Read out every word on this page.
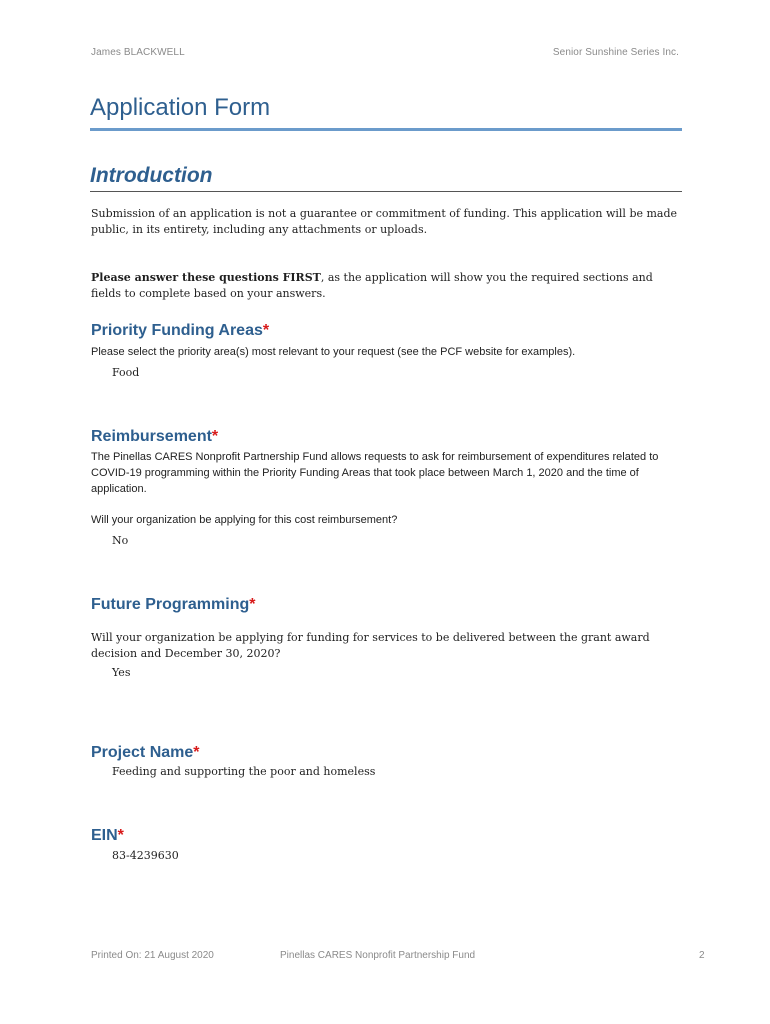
James BLACKWELL	Senior Sunshine Series Inc.
Application Form
Introduction
Submission of an application is not a guarantee or commitment of funding. This application will be made public, in its entirety, including any attachments or uploads.
Please answer these questions FIRST, as the application will show you the required sections and fields to complete based on your answers.
Priority Funding Areas*
Please select the priority area(s) most relevant to your request (see the PCF website for examples).
Food
Reimbursement*
The Pinellas CARES Nonprofit Partnership Fund allows requests to ask for reimbursement of expenditures related to COVID-19 programming within the Priority Funding Areas that took place between March 1, 2020 and the time of application.
Will your organization be applying for this cost reimbursement?
No
Future Programming*
Will your organization be applying for funding for services to be delivered between the grant award decision and December 30, 2020?
Yes
Project Name*
Feeding and supporting the poor and homeless
EIN*
83-4239630
Printed On: 21 August 2020	Pinellas CARES Nonprofit Partnership Fund	2
